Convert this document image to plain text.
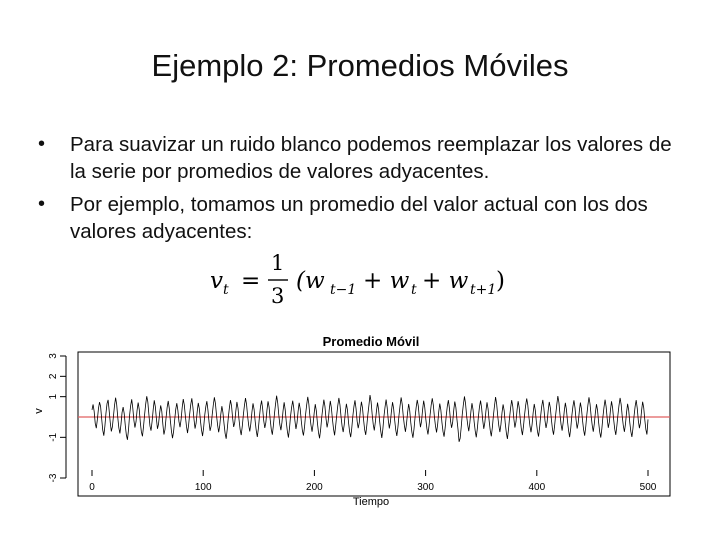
Ejemplo 2: Promedios Móviles
• Para suavizar un ruido blanco podemos reemplazar los valores de la serie por promedios de valores adyacentes.
• Por ejemplo, tomamos un promedio del valor actual con los dos valores adyacentes:
v t =
1
3
(w t−1 + w t + w t+1 )
Promedio Móvil
-3
-1
1
2
3
0	100	200	300	400	500
v
Tiempo
